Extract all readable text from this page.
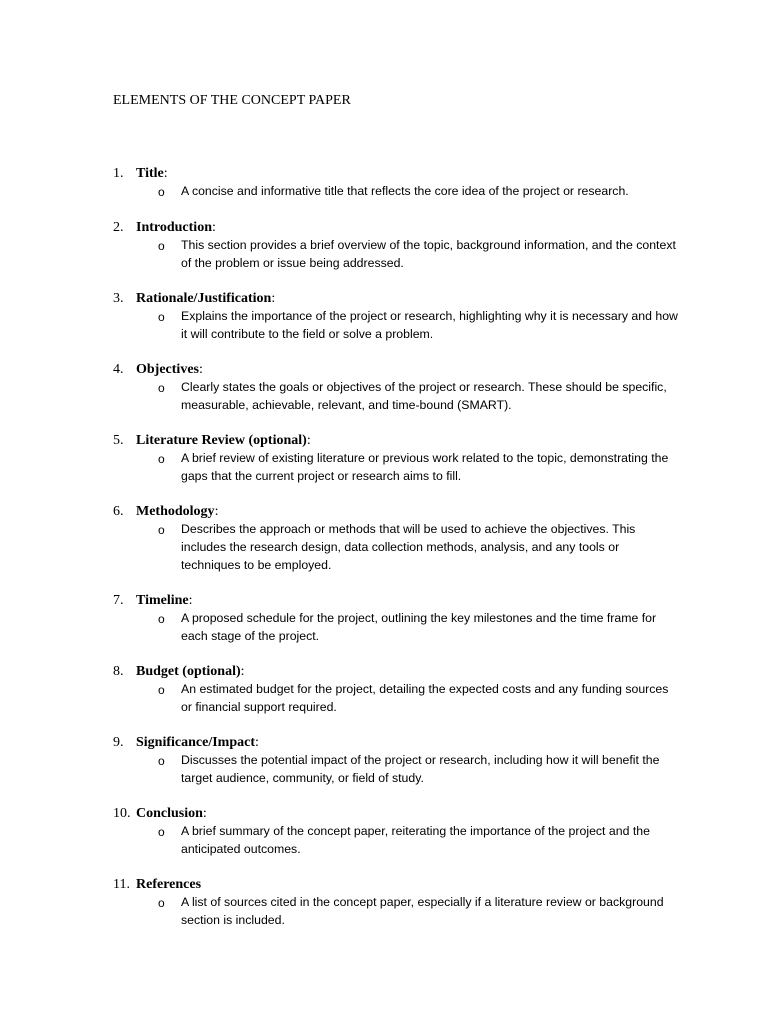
ELEMENTS OF THE CONCEPT PAPER
1. Title:
o A concise and informative title that reflects the core idea of the project or research.
2. Introduction:
o This section provides a brief overview of the topic, background information, and the context of the problem or issue being addressed.
3. Rationale/Justification:
o Explains the importance of the project or research, highlighting why it is necessary and how it will contribute to the field or solve a problem.
4. Objectives:
o Clearly states the goals or objectives of the project or research. These should be specific, measurable, achievable, relevant, and time-bound (SMART).
5. Literature Review (optional):
o A brief review of existing literature or previous work related to the topic, demonstrating the gaps that the current project or research aims to fill.
6. Methodology:
o Describes the approach or methods that will be used to achieve the objectives. This includes the research design, data collection methods, analysis, and any tools or techniques to be employed.
7. Timeline:
o A proposed schedule for the project, outlining the key milestones and the time frame for each stage of the project.
8. Budget (optional):
o An estimated budget for the project, detailing the expected costs and any funding sources or financial support required.
9. Significance/Impact:
o Discusses the potential impact of the project or research, including how it will benefit the target audience, community, or field of study.
10. Conclusion:
o A brief summary of the concept paper, reiterating the importance of the project and the anticipated outcomes.
11. References
o A list of sources cited in the concept paper, especially if a literature review or background section is included.
